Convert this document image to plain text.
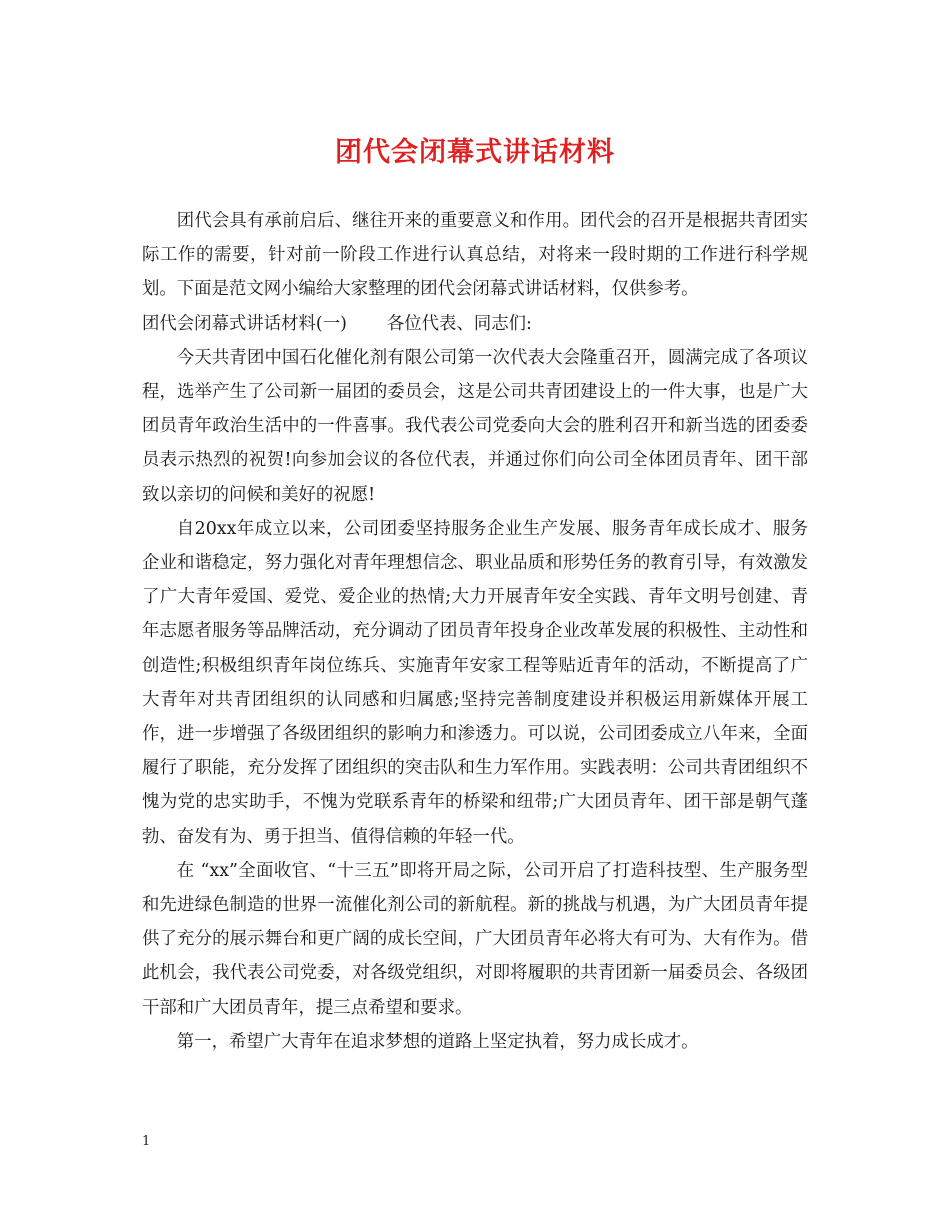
团代会闭幕式讲话材料

团代会具有承前启后、继往开来的重要意义和作用。团代会的召开是根据共青团实际工作的需要，针对前一阶段工作进行认真总结，对将来一段时期的工作进行科学规划。下面是范文网小编给大家整理的团代会闭幕式讲话材料，仅供参考。

团代会闭幕式讲话材料(一) 各位代表、同志们:

今天共青团中国石化催化剂有限公司第一次代表大会隆重召开，圆满完成了各项议程，选举产生了公司新一届团的委员会，这是公司共青团建设上的一件大事，也是广大团员青年政治生活中的一件喜事。我代表公司党委向大会的胜利召开和新当选的团委委员表示热烈的祝贺!向参加会议的各位代表，并通过你们向公司全体团员青年、团干部致以亲切的问候和美好的祝愿!

自20xx年成立以来，公司团委坚持服务企业生产发展、服务青年成长成才、服务企业和谐稳定，努力强化对青年理想信念、职业品质和形势任务的教育引导，有效激发了广大青年爱国、爱党、爱企业的热情;大力开展青年安全实践、青年文明号创建、青年志愿者服务等品牌活动，充分调动了团员青年投身企业改革发展的积极性、主动性和创造性;积极组织青年岗位练兵、实施青年安家工程等贴近青年的活动，不断提高了广大青年对共青团组织的认同感和归属感;坚持完善制度建设并积极运用新媒体开展工作，进一步增强了各级团组织的影响力和渗透力。可以说，公司团委成立八年来，全面履行了职能，充分发挥了团组织的突击队和生力军作用。实践表明：公司共青团组织不愧为党的忠实助手，不愧为党联系青年的桥梁和纽带;广大团员青年、团干部是朝气蓬勃、奋发有为、勇于担当、值得信赖的年轻一代。

在 “xx”全面收官、“十三五”即将开局之际，公司开启了打造科技型、生产服务型和先进绿色制造的世界一流催化剂公司的新航程。新的挑战与机遇，为广大团员青年提供了充分的展示舞台和更广阔的成长空间，广大团员青年必将大有可为、大有作为。借此机会，我代表公司党委，对各级党组织，对即将履职的共青团新一届委员会、各级团干部和广大团员青年，提三点希望和要求。

第一，希望广大青年在追求梦想的道路上坚定执着，努力成长成才。

1
